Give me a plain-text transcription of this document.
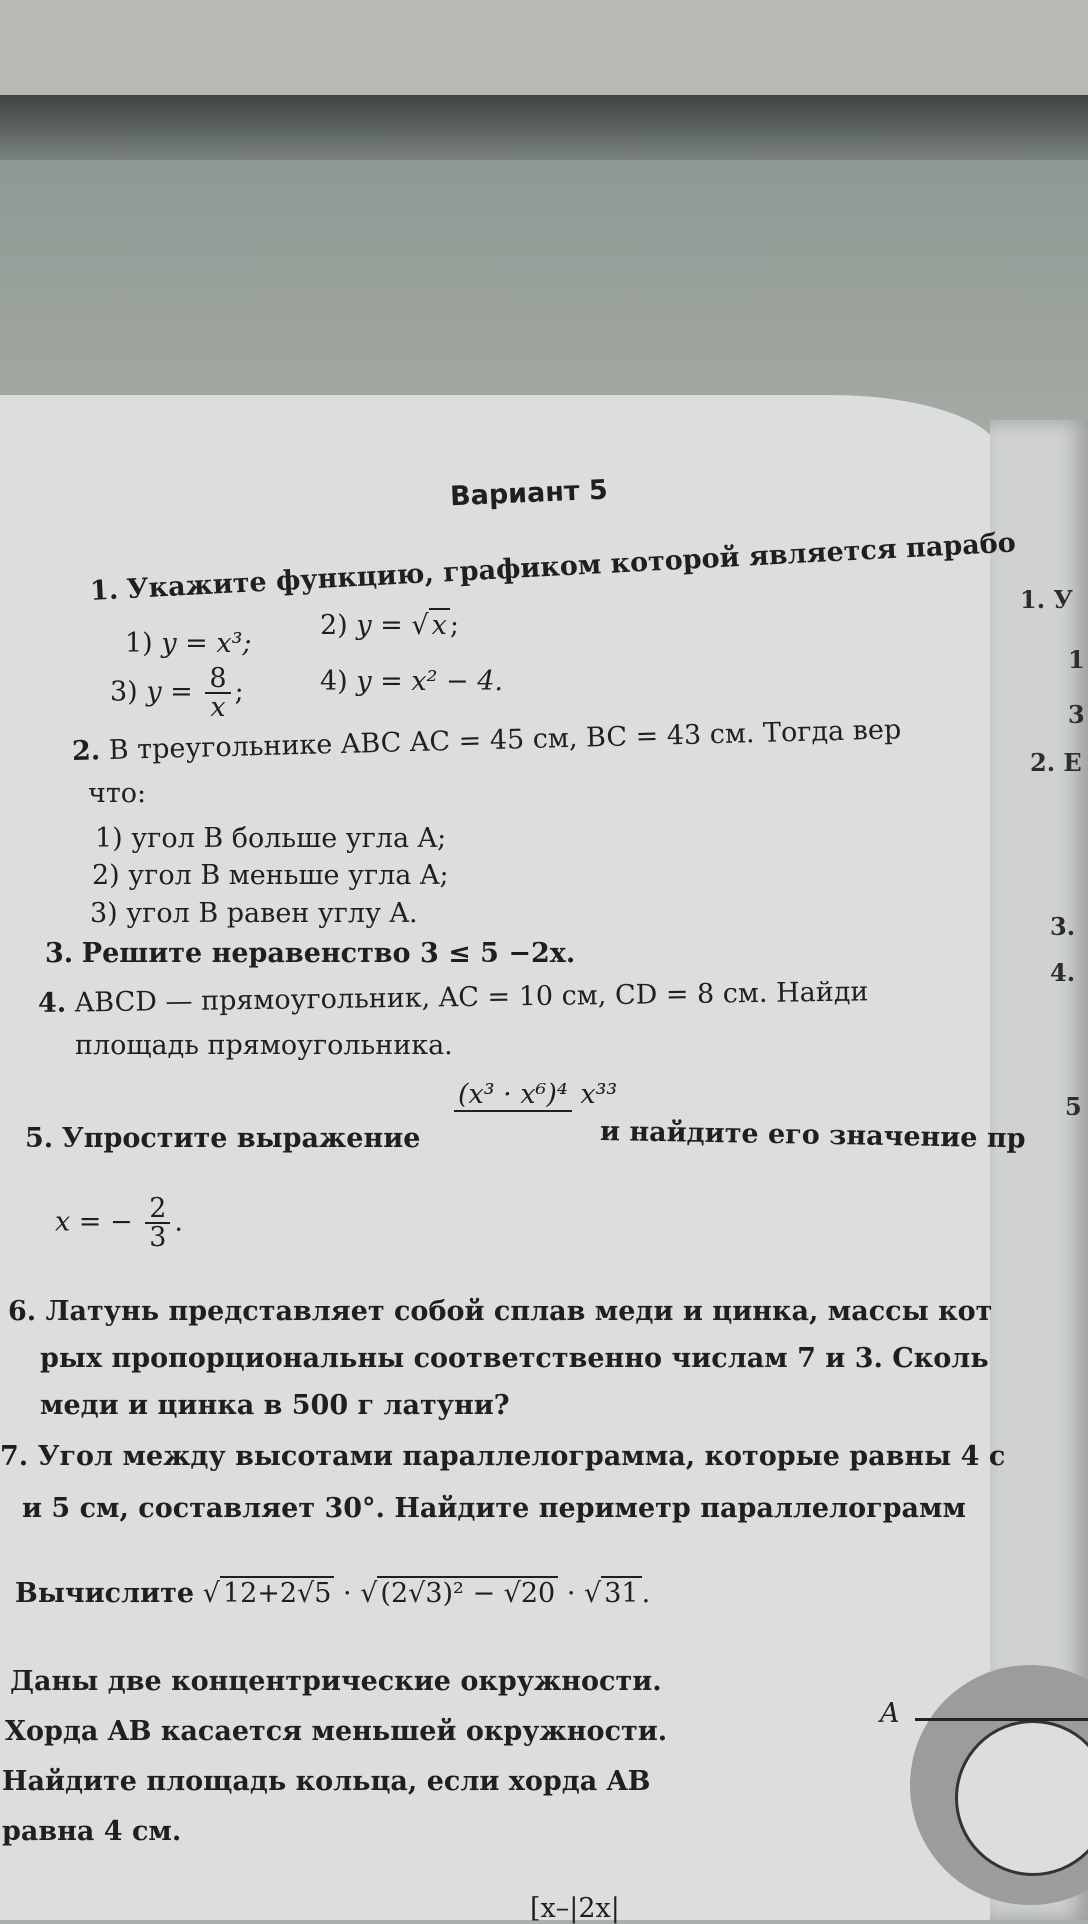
Вариант 5
1. Укажите функцию, графиком которой является парабо
1) y = x³;
2) y = √ x ;
3) $y = \frac{8}{x}$ ;	4) y = x² − 4.
2. В треугольнике ABC AC = 45 см, BC = 43 см. Тогда вер
что:
1) угол B больше угла A;
2) угол B меньше угла A;
3) угол B равен углу A.
3. Решите неравенство 3 ≤ 5 −2x.
4. ABCD — прямоугольник, AC = 10 см, CD = 8 см. Найди
площадь прямоугольника.
5. Упростите выражение
(x³ · x⁶)⁴ x³³
и найдите его значение пр
x = − $\frac{2}{3}$ .
6. Латунь представляет собой сплав меди и цинка, массы кот
рых пропорциональны соответственно числам 7 и 3. Сколь
меди и цинка в 500 г латуни?
7. Угол между высотами параллелограмма, которые равны 4 с
и 5 см, составляет 30°. Найдите периметр параллелограмм
Вычислите √ 12+2√5 · √ (2√3)² − √20 · √ 31 .
Даны две концентрические окружности.
Хорда AB касается меньшей окружности.
Найдите площадь кольца, если хорда AB
равна 4 см.
A
[x–|2x|
1. У
1
3
2. Е
3.
4.
5
